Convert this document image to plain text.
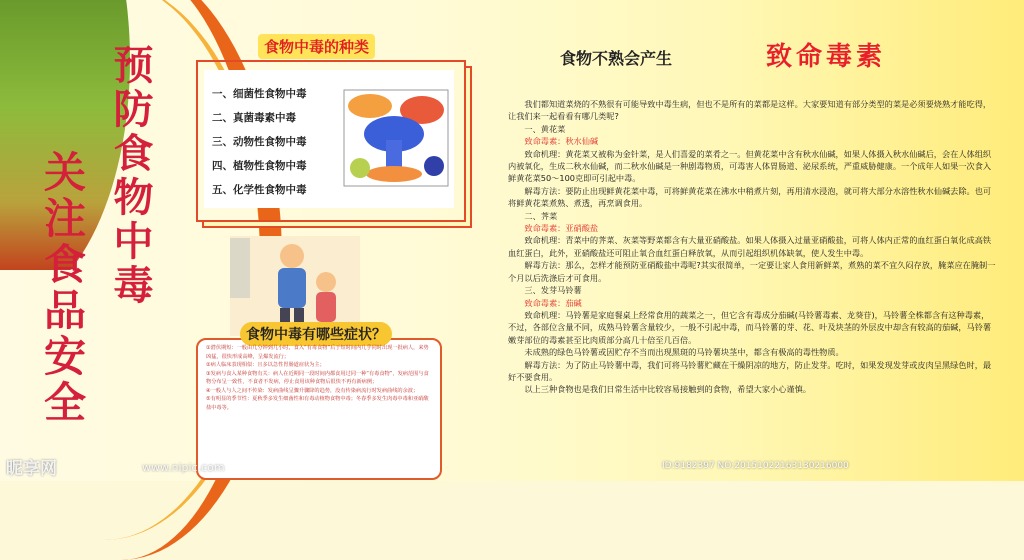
预防食物中毒
关注食品安全
食物中毒的种类
一、细菌性食物中毒
二、真菌毒素中毒
三、动物性食物中毒
四、植物性食物中毒
五、化学性食物中毒
食物中毒有哪些症状？
①潜伏期短：一般由几分钟到几小时，食入“有毒食物”后于短时间内几乎同时出现一批病人，来势凶猛，很快形成高峰，呈爆发流行；
②病人临床表现相似：且多以急性胃肠道症状为主；
③发病与食入某种食物有关：病人在近期同一段时间内都食用过同一种“有毒食物”，发病范围与食物分布呈一致性，不食者不发病，停止食用该种食物后很快不再有新病例；
④一般人与人之间不传染：发病曲线呈骤升骤降的趋势，没有传染病流行时发病曲线的余波；
⑤有明显的季节性：夏秋季多发生细菌性和有毒动植物食物中毒；冬春季多发生肉毒中毒和亚硝酸盐中毒等。
食物不熟会产生	致命毒素

我们都知道菜烧的不熟很有可能导致中毒生病，但也不是所有的菜都是这样。大家要知道有部分类型的菜是必须要烧熟才能吃得，让我们来一起看看有哪几类呢?

一、黄花菜

致命毒素：秋水仙碱

致命机理：黄花菜又被称为金针菜，是人们喜爱的菜肴之一。但黄花菜中含有秋水仙碱，如果人体摄入秋水仙碱后，会在人体组织内被氧化，生成二秋水仙碱，而二秋水仙碱是一种剧毒物质，可毒害人体胃肠道、泌尿系统，严重威胁健康。一个成年人如果一次食入鲜黄花菜50～100克即可引起中毒。

解毒方法：要防止出现鲜黄花菜中毒，可将鲜黄花菜在沸水中稍煮片刻，再用清水浸泡，就可将大部分水溶性秋水仙碱去除。也可将鲜黄花菜煮熟、煮透，再烹调食用。

二、荠菜

致命毒素：亚硝酸盐

致命机理：青菜中的荠菜、灰菜等野菜都含有大量亚硝酸盐。如果人体摄入过量亚硝酸盐，可将人体内正常的血红蛋白氧化成高铁血红蛋白，此外，亚硝酸盐还可阻止氧合血红蛋白释放氧，从而引起组织机体缺氧，使人发生中毒。

解毒方法：那么，怎样才能预防亚硝酸盐中毒呢?其实很简单，一定要让家人食用新鲜菜，煮熟的菜不宜久闷存放，腌菜应在腌制一个月以后洗涤后才可食用。

三、发芽马铃薯

致命毒素：茄碱

致命机理：马铃薯是家庭餐桌上经常食用的蔬菜之一，但它含有毒成分茄碱(马铃薯毒素、龙葵苷)，马铃薯全株都含有这种毒素，不过，各部位含量不同，成熟马铃薯含量较少，一般不引起中毒，而马铃薯的芽、花、叶及块茎的外层皮中却含有较高的茄碱，马铃薯嫩芽部位的毒素甚至比肉质部分高几十倍至几百倍。

未成熟的绿色马铃薯或因贮存不当而出现黑斑的马铃薯块茎中，都含有极高的毒性物质。

解毒方法：为了防止马铃薯中毒，我们可将马铃薯贮藏在干燥阴凉的地方，防止发芽。吃时，如果发现发芽或皮肉呈黑绿色时，最好不要食用。

以上三种食物也是我们日常生活中比较容易接触到的食物，希望大家小心谨慎。

昵享网	www.nipic.com	ID:9182397 NO:20151022163130216000
